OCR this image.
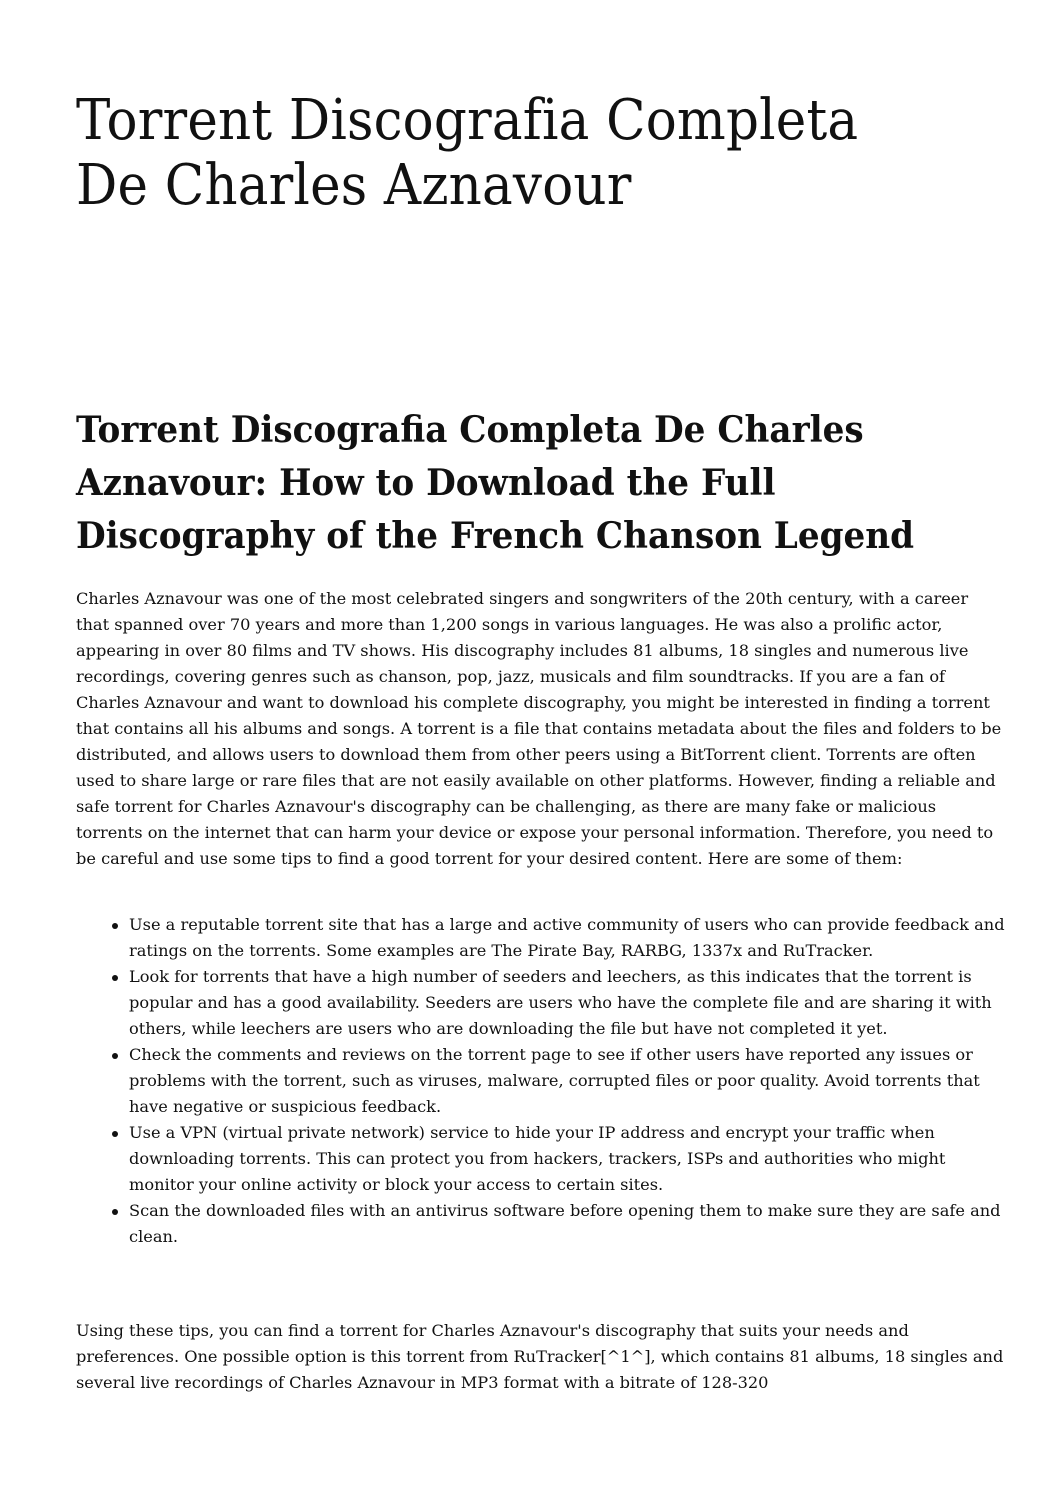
Torrent Discografia Completa De Charles Aznavour
Torrent Discografia Completa De Charles Aznavour: How to Download the Full Discography of the French Chanson Legend

Charles Aznavour was one of the most celebrated singers and songwriters of the 20th century, with a career that spanned over 70 years and more than 1,200 songs in various languages. He was also a prolific actor, appearing in over 80 films and TV shows. His discography includes 81 albums, 18 singles and numerous live recordings, covering genres such as chanson, pop, jazz, musicals and film soundtracks. If you are a fan of Charles Aznavour and want to download his complete discography, you might be interested in finding a torrent that contains all his albums and songs. A torrent is a file that contains metadata about the files and folders to be distributed, and allows users to download them from other peers using a BitTorrent client. Torrents are often used to share large or rare files that are not easily available on other platforms. However, finding a reliable and safe torrent for Charles Aznavour's discography can be challenging, as there are many fake or malicious torrents on the internet that can harm your device or expose your personal information. Therefore, you need to be careful and use some tips to find a good torrent for your desired content. Here are some of them:

Use a reputable torrent site that has a large and active community of users who can provide feedback and ratings on the torrents. Some examples are The Pirate Bay, RARBG, 1337x and RuTracker.
Look for torrents that have a high number of seeders and leechers, as this indicates that the torrent is popular and has a good availability. Seeders are users who have the complete file and are sharing it with others, while leechers are users who are downloading the file but have not completed it yet.
Check the comments and reviews on the torrent page to see if other users have reported any issues or problems with the torrent, such as viruses, malware, corrupted files or poor quality. Avoid torrents that have negative or suspicious feedback.
Use a VPN (virtual private network) service to hide your IP address and encrypt your traffic when downloading torrents. This can protect you from hackers, trackers, ISPs and authorities who might monitor your online activity or block your access to certain sites.
Scan the downloaded files with an antivirus software before opening them to make sure they are safe and clean.

Using these tips, you can find a torrent for Charles Aznavour's discography that suits your needs and preferences. One possible option is this torrent from RuTracker[^1^], which contains 81 albums, 18 singles and several live recordings of Charles Aznavour in MP3 format with a bitrate of 128-320
